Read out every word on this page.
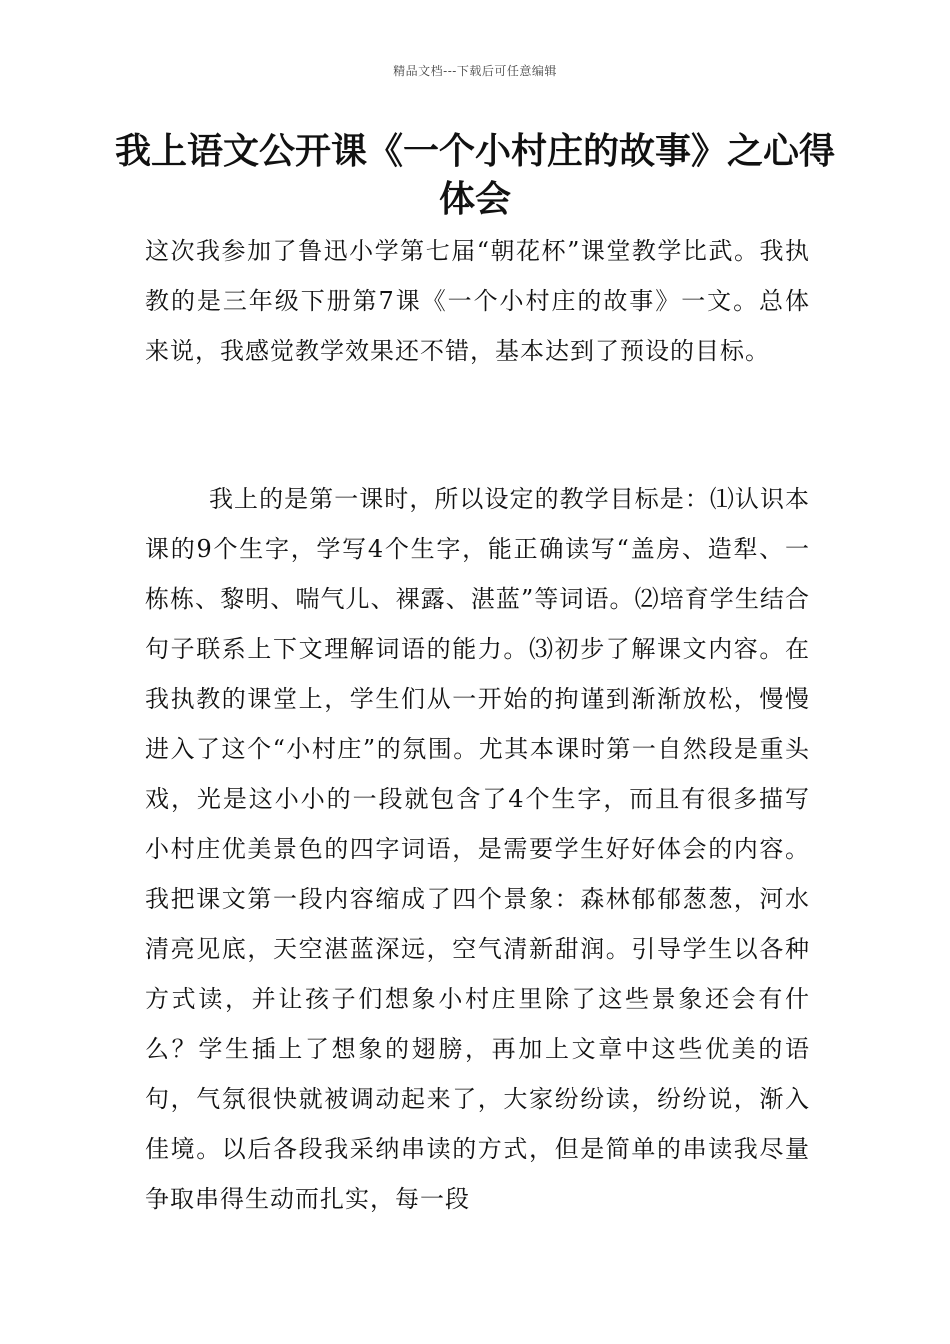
精品文档---下载后可任意编辑
我上语文公开课《一个小村庄的故事》之心得体会
这次我参加了鲁迅小学第七届“朝花杯”课堂教学比武。我执教的是三年级下册第7课《一个小村庄的故事》一文。总体来说，我感觉教学效果还不错，基本达到了预设的目标。
我上的是第一课时，所以设定的教学目标是：⑴认识本课的9个生字，学写4个生字，能正确读写“盖房、造犁、一栋栋、黎明、喘气儿、裸露、湛蓝”等词语。⑵培育学生结合句子联系上下文理解词语的能力。⑶初步了解课文内容。在我执教的课堂上，学生们从一开始的拘谨到渐渐放松，慢慢进入了这个“小村庄”的氛围。尤其本课时第一自然段是重头戏，光是这小小的一段就包含了4个生字，而且有很多描写小村庄优美景色的四字词语，是需要学生好好体会的内容。我把课文第一段内容缩成了四个景象：森林郁郁葱葱，河水清亮见底，天空湛蓝深远，空气清新甜润。引导学生以各种方式读，并让孩子们想象小村庄里除了这些景象还会有什么？学生插上了想象的翅膀，再加上文章中这些优美的语句，气氛很快就被调动起来了，大家纷纷读，纷纷说，渐入佳境。以后各段我采纳串读的方式，但是简单的串读我尽量争取串得生动而扎实，每一段
